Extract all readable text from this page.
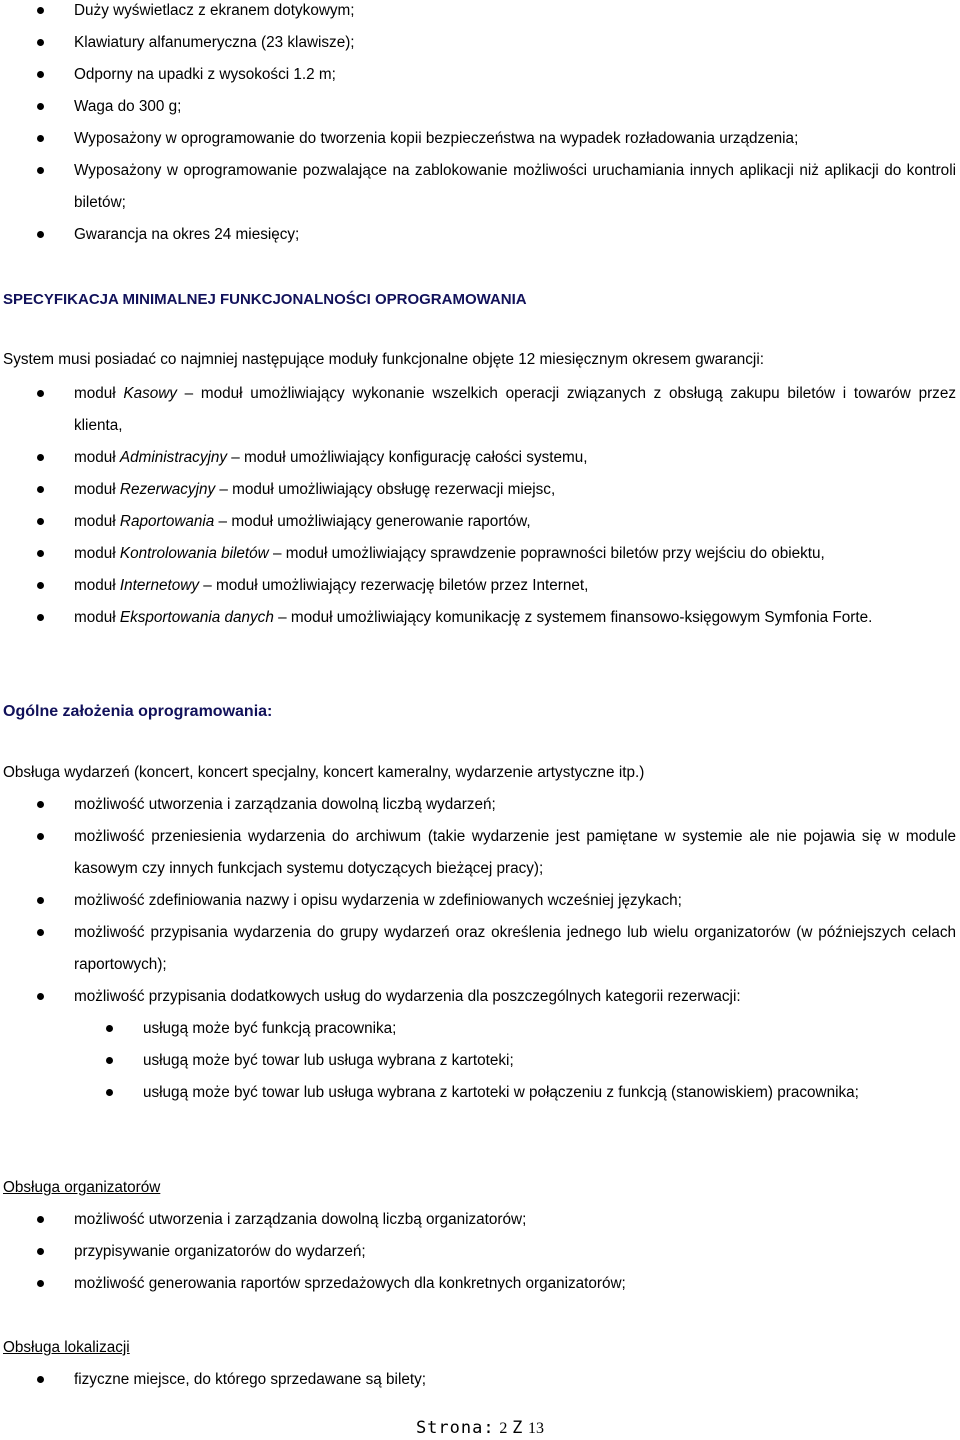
Duży wyświetlacz z ekranem dotykowym;
Klawiatury alfanumeryczna (23 klawisze);
Odporny na upadki z wysokości 1.2 m;
Waga do 300 g;
Wyposażony w oprogramowanie do tworzenia kopii bezpieczeństwa na wypadek rozładowania urządzenia;
Wyposażony w oprogramowanie pozwalające na zablokowanie możliwości uruchamiania innych aplikacji niż aplikacji do kontroli biletów;
Gwarancja na okres 24 miesięcy;
SPECYFIKACJA MINIMALNEJ FUNKCJONALNOŚCI OPROGRAMOWANIA
System musi posiadać co najmniej następujące moduły funkcjonalne objęte 12 miesięcznym okresem gwarancji:
moduł Kasowy – moduł umożliwiający wykonanie wszelkich operacji związanych z obsługą zakupu biletów i towarów przez klienta,
moduł Administracyjny – moduł umożliwiający konfigurację całości systemu,
moduł Rezerwacyjny – moduł umożliwiający obsługę rezerwacji miejsc,
moduł Raportowania – moduł umożliwiający generowanie raportów,
moduł Kontrolowania biletów – moduł umożliwiający sprawdzenie poprawności biletów przy wejściu do obiektu,
moduł Internetowy – moduł umożliwiający rezerwację biletów przez Internet,
moduł Eksportowania danych – moduł umożliwiający komunikację z systemem finansowo-księgowym Symfonia Forte.
Ogólne założenia oprogramowania:
Obsługa wydarzeń (koncert, koncert specjalny, koncert kameralny, wydarzenie artystyczne itp.)
możliwość utworzenia i zarządzania dowolną liczbą wydarzeń;
możliwość przeniesienia wydarzenia do archiwum (takie wydarzenie jest pamiętane w systemie ale nie pojawia się w module kasowym czy innych funkcjach systemu dotyczących bieżącej pracy);
możliwość zdefiniowania nazwy i opisu wydarzenia w zdefiniowanych wcześniej językach;
możliwość przypisania wydarzenia do grupy wydarzeń oraz określenia jednego lub wielu organizatorów (w późniejszych celach raportowych);
możliwość przypisania dodatkowych usług do wydarzenia dla poszczególnych kategorii rezerwacji:
usługą może być funkcją pracownika;
usługą może być towar lub usługa wybrana z kartoteki;
usługą może być towar lub usługa wybrana z kartoteki w połączeniu z funkcją (stanowiskiem) pracownika;
Obsługa organizatorów
możliwość utworzenia i zarządzania dowolną liczbą organizatorów;
przypisywanie organizatorów do wydarzeń;
możliwość generowania raportów sprzedażowych dla konkretnych organizatorów;
Obsługa lokalizacji
fizyczne miejsce, do którego sprzedawane są bilety;
Strona: 2 Z 13
